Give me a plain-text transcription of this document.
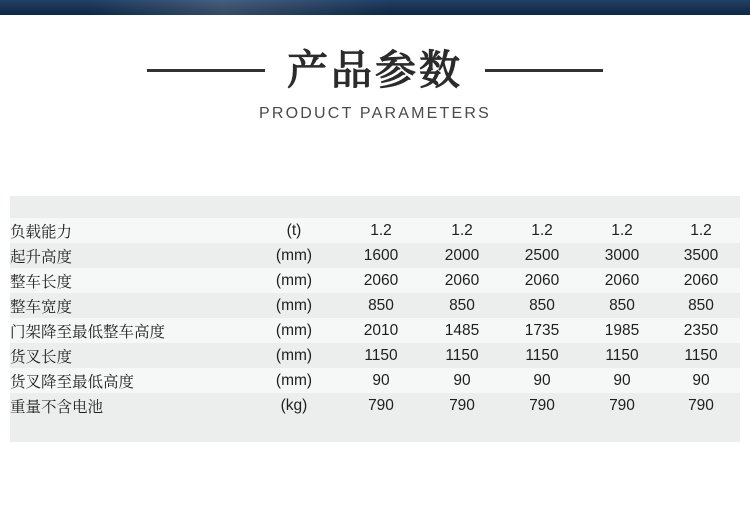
产品参数
PRODUCT PARAMETERS
负载能力	(t)	1.2	1.2	1.2	1.2	1.2
起升高度	(mm)	1600	2000	2500	3000	3500
整车长度	(mm)	2060	2060	2060	2060	2060
整车宽度	(mm)	850	850	850	850	850
门架降至最低整车高度	(mm)	2010	1485	1735	1985	2350
货叉长度	(mm)	1150	1150	1150	1150	1150
货叉降至最低高度	(mm)	90	90	90	90	90
重量不含电池	(kg)	790	790	790	790	790
